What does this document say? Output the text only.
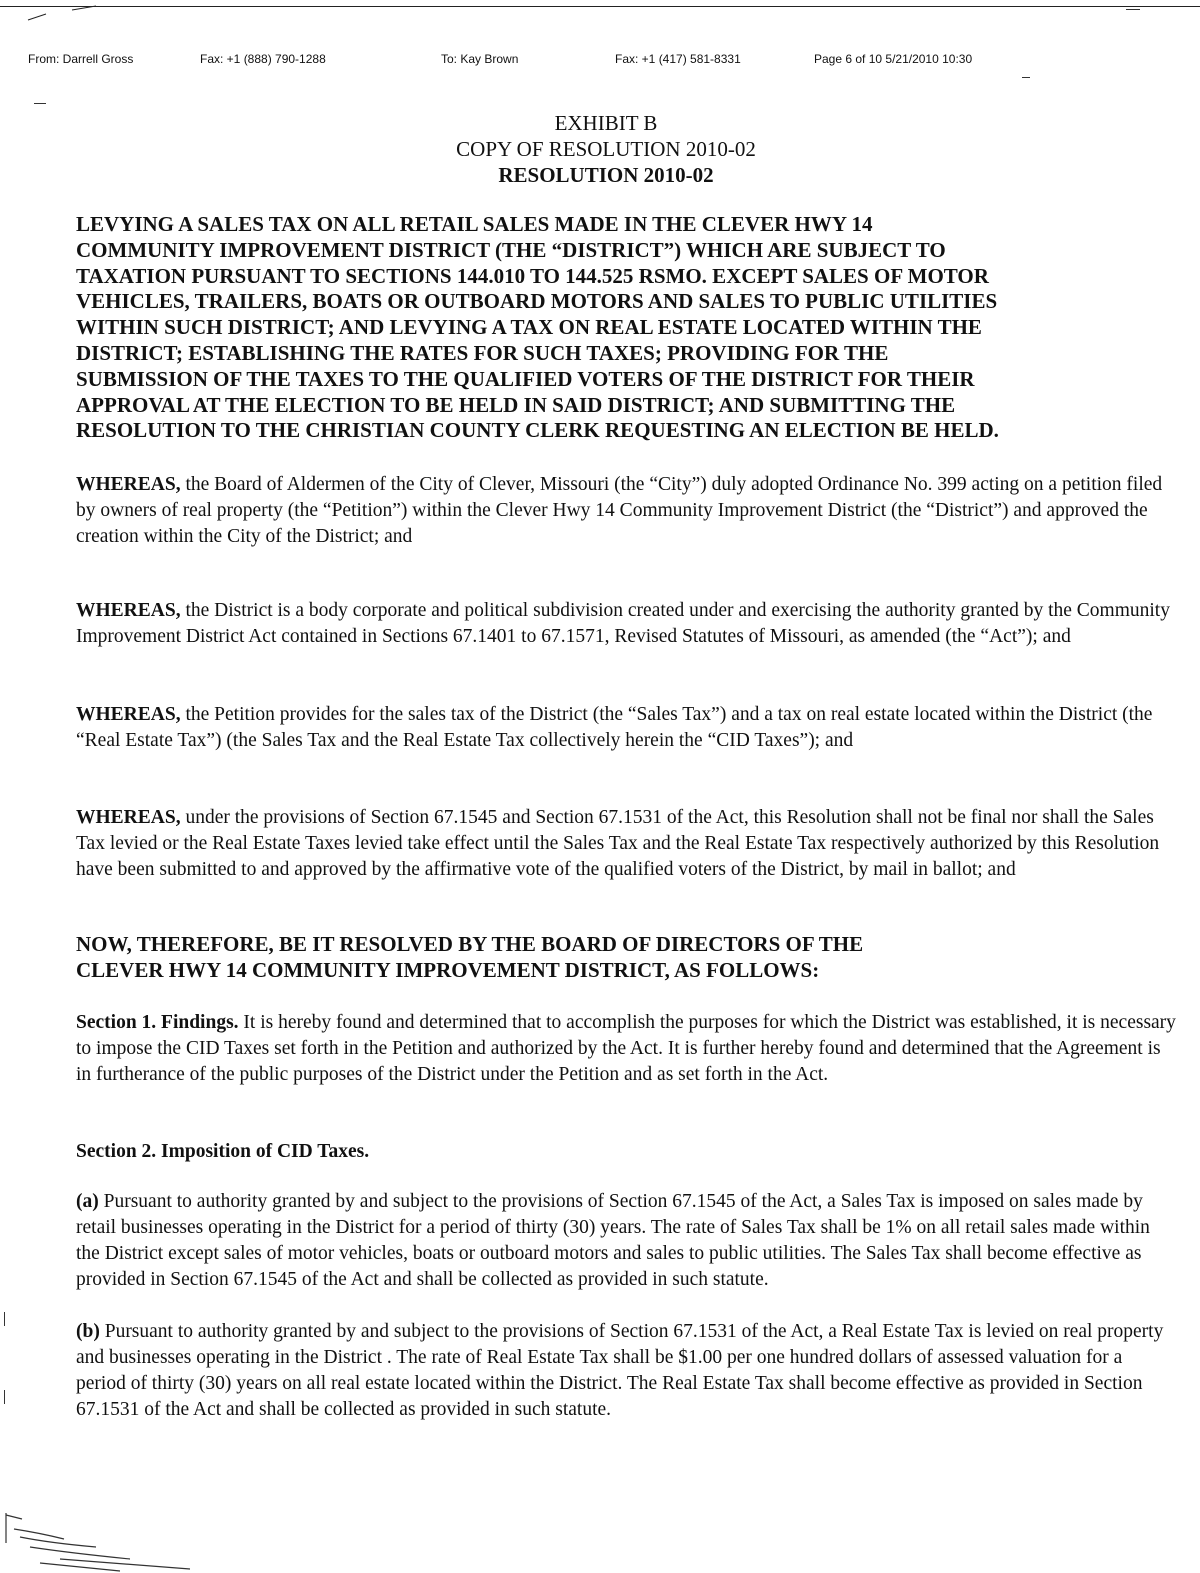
From: Darrell Gross	Fax: +1 (888) 790-1288	To: Kay Brown	Fax: +1 (417) 581-8331	Page 6 of 10 5/21/2010 10:30
EXHIBIT B
COPY OF RESOLUTION 2010-02
RESOLUTION 2010-02

LEVYING A SALES TAX ON ALL RETAIL SALES MADE IN THE CLEVER HWY 14
COMMUNITY IMPROVEMENT DISTRICT (THE “DISTRICT”) WHICH ARE SUBJECT TO
TAXATION PURSUANT TO SECTIONS 144.010 TO 144.525 RSMO. EXCEPT SALES OF MOTOR
VEHICLES, TRAILERS, BOATS OR OUTBOARD MOTORS AND SALES TO PUBLIC UTILITIES
WITHIN SUCH DISTRICT; AND LEVYING A TAX ON REAL ESTATE LOCATED WITHIN THE
DISTRICT; ESTABLISHING THE RATES FOR SUCH TAXES; PROVIDING FOR THE
SUBMISSION OF THE TAXES TO THE QUALIFIED VOTERS OF THE DISTRICT FOR THEIR
APPROVAL AT THE ELECTION TO BE HELD IN SAID DISTRICT; AND SUBMITTING THE
RESOLUTION TO THE CHRISTIAN COUNTY CLERK REQUESTING AN ELECTION BE HELD.

WHEREAS, the Board of Aldermen of the City of Clever, Missouri (the “City”) duly adopted Ordinance No. 399 acting on a petition filed by owners of real property (the “Petition”) within the Clever Hwy 14 Community Improvement District (the “District”) and approved the creation within the City of the District; and

WHEREAS, the District is a body corporate and political subdivision created under and exercising the authority granted by the Community Improvement District Act contained in Sections 67.1401 to 67.1571, Revised Statutes of Missouri, as amended (the “Act”); and

WHEREAS, the Petition provides for the sales tax of the District (the “Sales Tax”) and a tax on real estate located within the District (the “Real Estate Tax”) (the Sales Tax and the Real Estate Tax collectively herein the “CID Taxes”); and

WHEREAS, under the provisions of Section 67.1545 and Section 67.1531 of the Act, this Resolution shall not be final nor shall the Sales Tax levied or the Real Estate Taxes levied take effect until the Sales Tax and the Real Estate Tax respectively authorized by this Resolution have been submitted to and approved by the affirmative vote of the qualified voters of the District, by mail in ballot; and

NOW, THEREFORE, BE IT RESOLVED BY THE BOARD OF DIRECTORS OF THE
CLEVER HWY 14 COMMUNITY IMPROVEMENT DISTRICT, AS FOLLOWS:

Section 1. Findings. It is hereby found and determined that to accomplish the purposes for which the District was established, it is necessary to impose the CID Taxes set forth in the Petition and authorized by the Act. It is further hereby found and determined that the Agreement is in furtherance of the public purposes of the District under the Petition and as set forth in the Act.

Section 2. Imposition of CID Taxes.

(a) Pursuant to authority granted by and subject to the provisions of Section 67.1545 of the Act, a Sales Tax is imposed on sales made by retail businesses operating in the District for a period of thirty (30) years. The rate of Sales Tax shall be 1% on all retail sales made within the District except sales of motor vehicles, boats or outboard motors and sales to public utilities. The Sales Tax shall become effective as provided in Section 67.1545 of the Act and shall be collected as provided in such statute.

(b) Pursuant to authority granted by and subject to the provisions of Section 67.1531 of the Act, a Real Estate Tax is levied on real property and businesses operating in the District . The rate of Real Estate Tax shall be $1.00 per one hundred dollars of assessed valuation for a period of thirty (30) years on all real estate located within the District. The Real Estate Tax shall become effective as provided in Section 67.1531 of the Act and shall be collected as provided in such statute.
